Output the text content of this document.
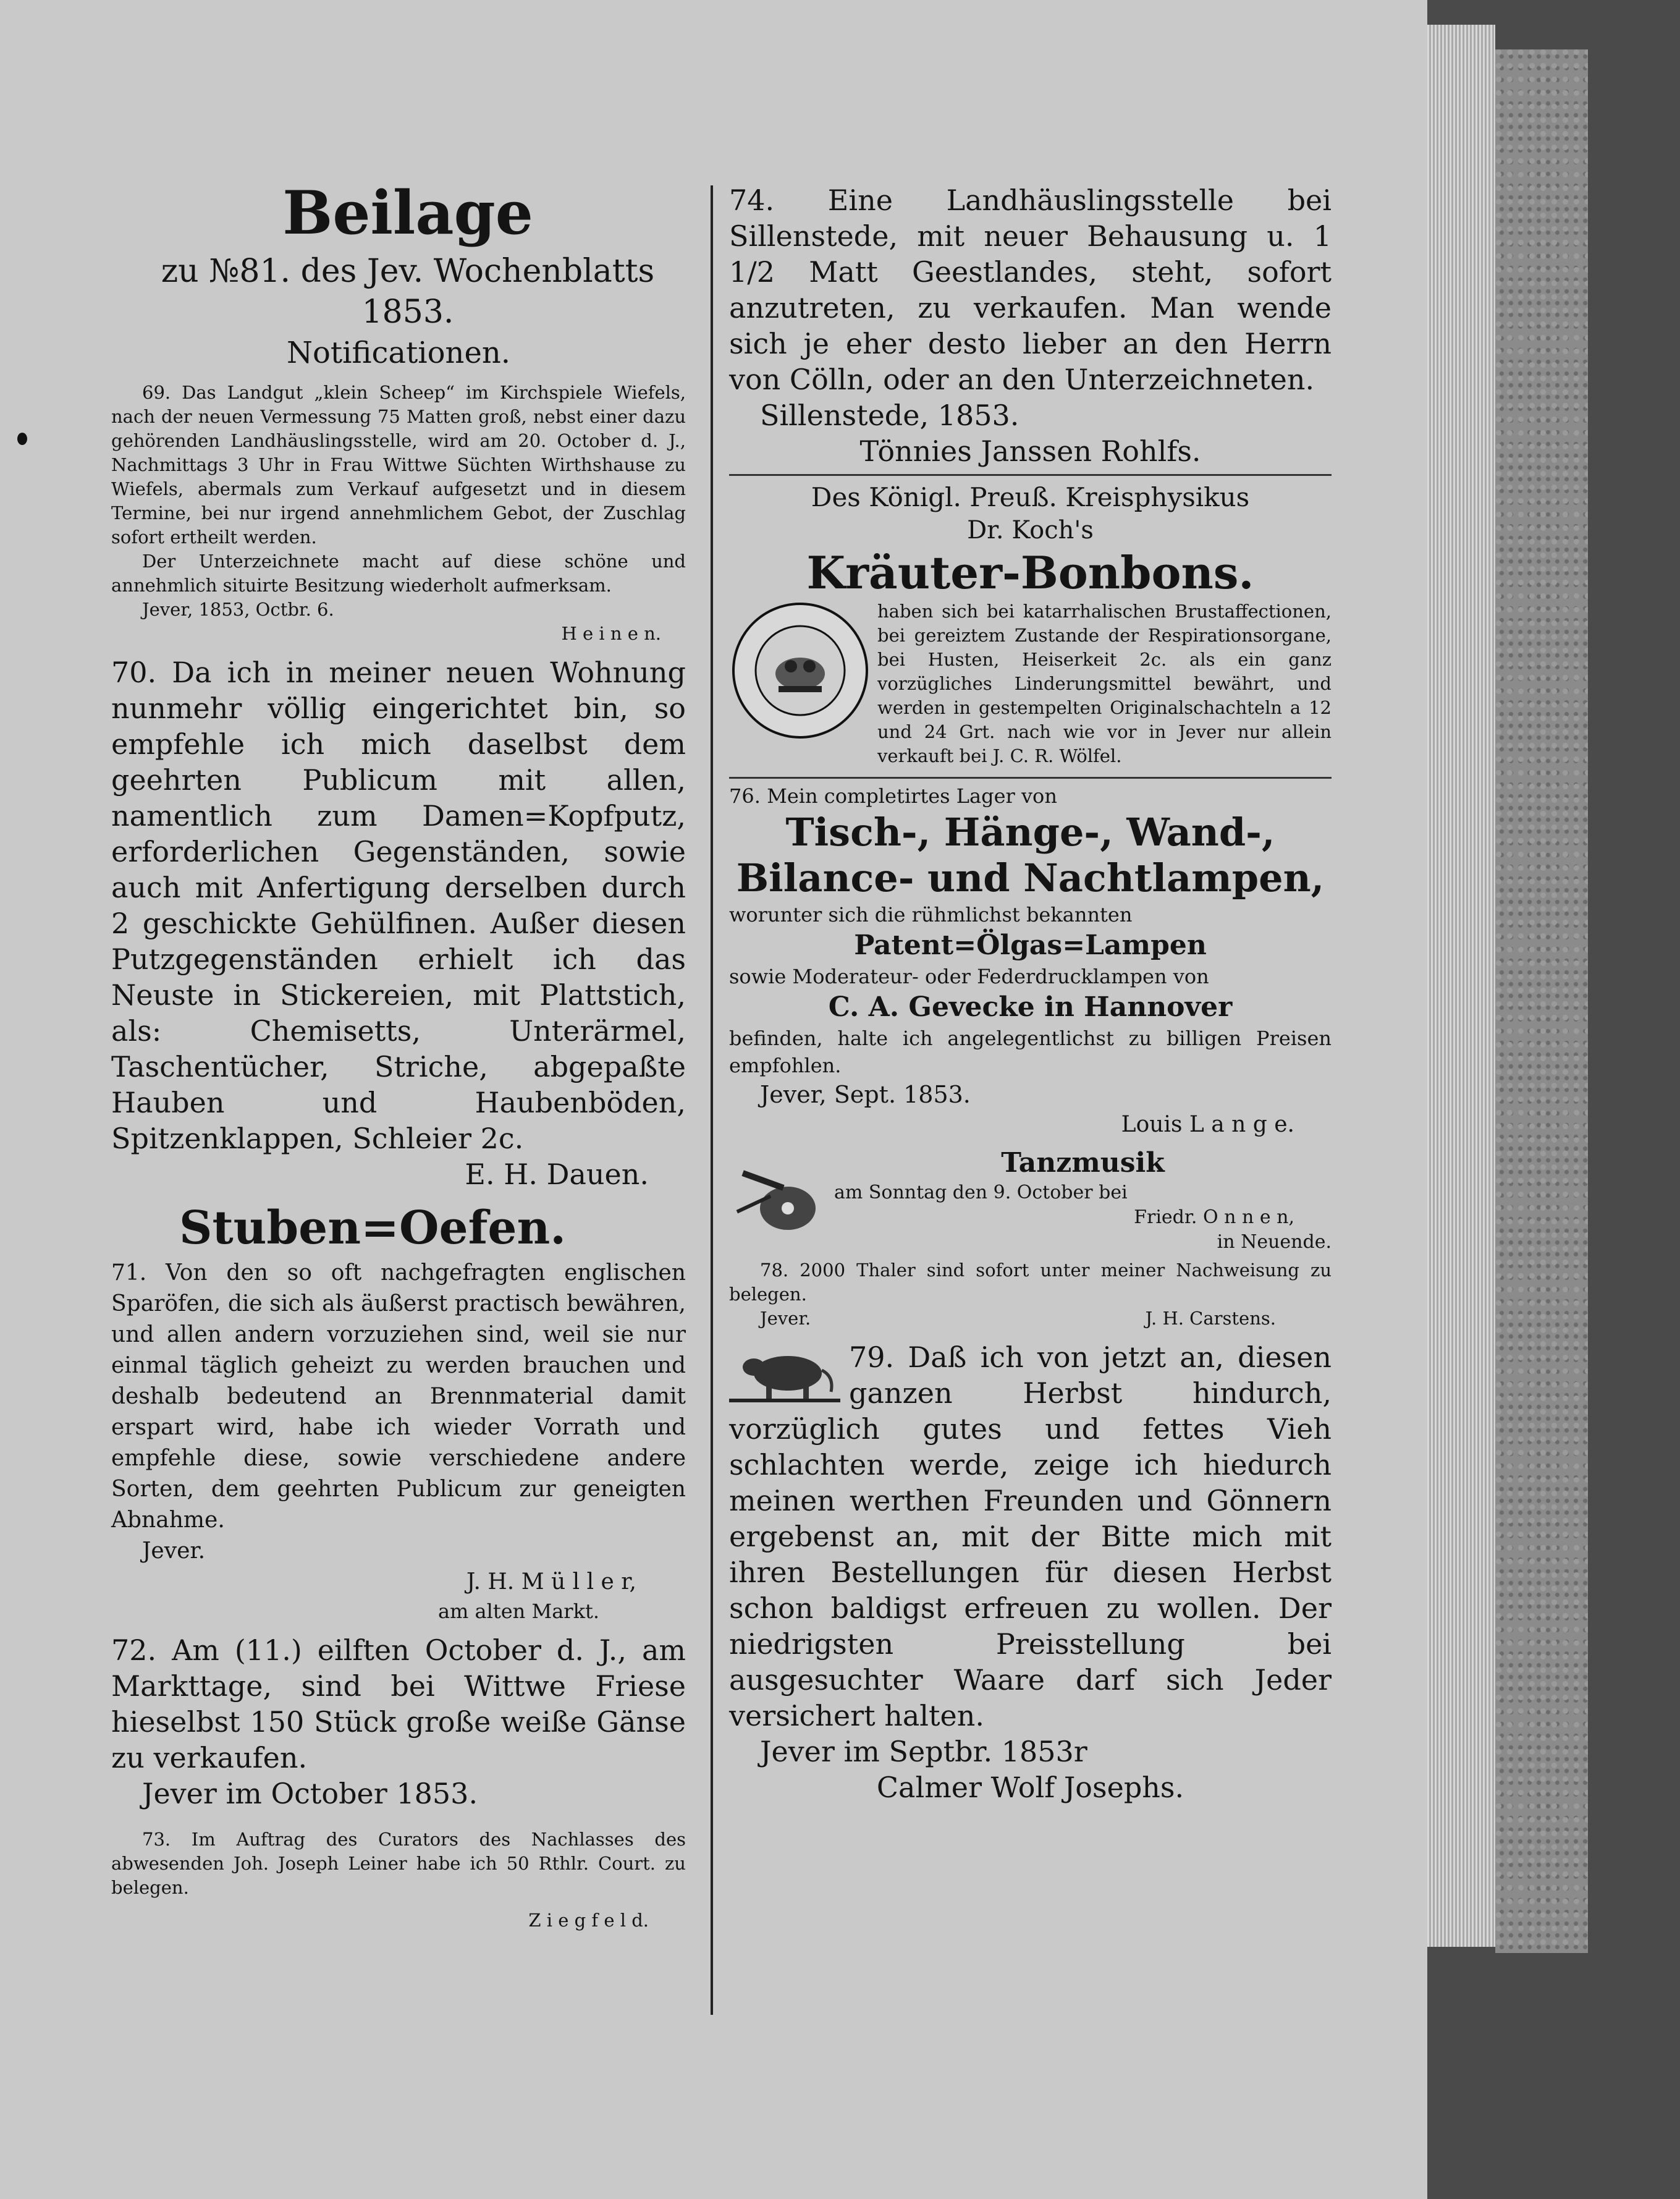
Beilage

zu №81. des Jev. Wochenblatts 1853.

Notificationen.

69. Das Landgut „klein Scheep“ im Kirchspiele Wiefels, nach der neuen Vermessung 75 Matten groß, nebst einer dazu gehörenden Landhäuslingsstelle, wird am 20. October d. J., Nachmittags 3 Uhr in Frau Wittwe Süchten Wirthshause zu Wiefels, abermals zum Verkauf aufgesetzt und in diesem Termine, bei nur irgend annehmlichem Gebot, der Zuschlag sofort ertheilt werden.

Der Unterzeichnete macht auf diese schöne und annehmlich situirte Besitzung wiederholt aufmerksam.

Jever, 1853, Octbr. 6.

H e i n e n.

70. Da ich in meiner neuen Wohnung nunmehr völlig eingerichtet bin, so empfehle ich mich daselbst dem geehrten Publicum mit allen, namentlich zum Damen=Kopfputz, erforderlichen Gegenständen, sowie auch mit Anfertigung derselben durch 2 geschickte Gehülfinen. Außer diesen Putzgegenständen erhielt ich das Neuste in Stickereien, mit Plattstich, als: Chemisetts, Unterärmel, Taschentücher, Striche, abgepaßte Hauben und Haubenböden, Spitzenklappen, Schleier 2c.

E. H. Dauen.

Stuben=Oefen.

71. Von den so oft nachgefragten englischen Sparöfen, die sich als äußerst practisch bewähren, und allen andern vorzuziehen sind, weil sie nur einmal täglich geheizt zu werden brauchen und deshalb bedeutend an Brennmaterial damit erspart wird, habe ich wieder Vorrath und empfehle diese, sowie verschiedene andere Sorten, dem geehrten Publicum zur geneigten Abnahme.

Jever.

J. H. M ü l l e r,

am alten Markt.

72. Am (11.) eilften October d. J., am Markttage, sind bei Wittwe Friese hieselbst 150 Stück große weiße Gänse zu verkaufen.

Jever im October 1853.

73. Im Auftrag des Curators des Nachlasses des abwesenden Joh. Joseph Leiner habe ich 50 Rthlr. Court. zu belegen.

Z i e g f e l d.

74. Eine Landhäuslingsstelle bei Sillenstede, mit neuer Behausung u. 1 1/2 Matt Geestlandes, steht, sofort anzutreten, zu verkaufen. Man wende sich je eher desto lieber an den Herrn von Cölln, oder an den Unterzeichneten.

Sillenstede, 1853.

Tönnies Janssen Rohlfs.

Des Königl. Preuß. Kreisphysikus

Dr. Koch's

Kräuter-Bonbons.

haben sich bei katarrhalischen Brustaffectionen, bei gereiztem Zustande der Respirationsorgane, bei Husten, Heiserkeit 2c. als ein ganz vorzügliches Linderungsmittel bewährt, und werden in gestempelten Originalschachteln a 12 und 24 Grt. nach wie vor in Jever nur allein verkauft bei J. C. R. Wölfel.

76. Mein completirtes Lager von

Tisch-, Hänge-, Wand-, Bilance- und Nachtlampen,

worunter sich die rühmlichst bekannten

Patent=Ölgas=Lampen

sowie Moderateur- oder Federdrucklampen von

C. A. Gevecke in Hannover

befinden, halte ich angelegentlichst zu billigen Preisen empfohlen.

Jever, Sept. 1853.

Louis L a n g e.

Tanzmusik

am Sonntag den 9. October bei

Friedr. O n n e n,

in Neuende.

78. 2000 Thaler sind sofort unter meiner Nachweisung zu belegen.

Jever.	J. H. Carstens.

79. Daß ich von jetzt an, diesen ganzen Herbst hindurch, vorzüglich gutes und fettes Vieh schlachten werde, zeige ich hiedurch meinen werthen Freunden und Gönnern ergebenst an, mit der Bitte mich mit ihren Bestellungen für diesen Herbst schon baldigst erfreuen zu wollen. Der niedrigsten Preisstellung bei ausgesuchter Waare darf sich Jeder versichert halten.

Jever im Septbr. 1853r

Calmer Wolf Josephs.
